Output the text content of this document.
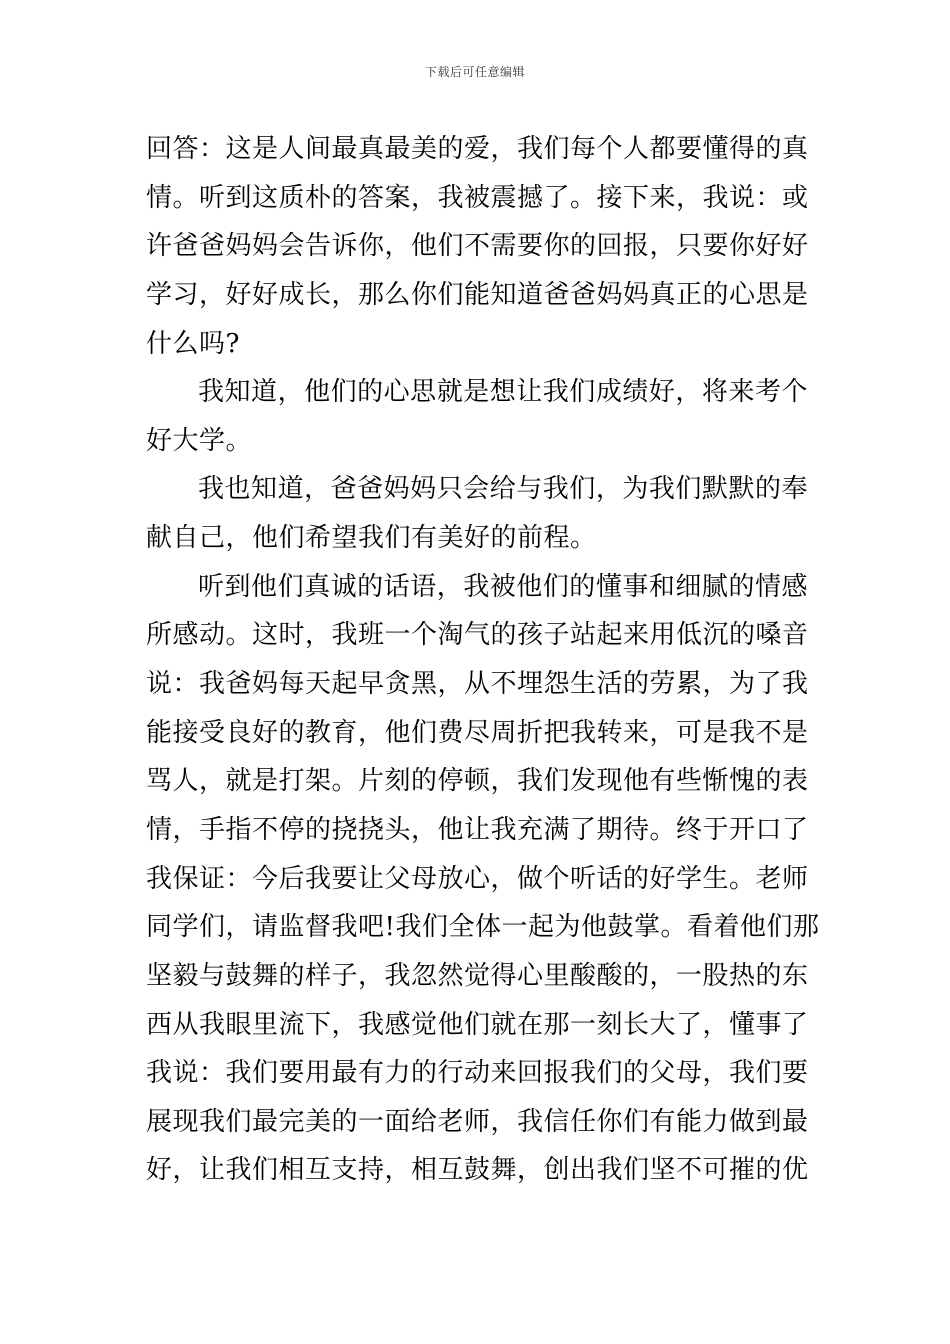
下载后可任意编辑
回答：这是人间最真最美的爱，我们每个人都要懂得的真
情。听到这质朴的答案，我被震撼了。接下来，我说：或
许爸爸妈妈会告诉你，他们不需要你的回报，只要你好好
学习，好好成长，那么你们能知道爸爸妈妈真正的心思是
什么吗?
我知道，他们的心思就是想让我们成绩好，将来考个
好大学。
我也知道，爸爸妈妈只会给与我们，为我们默默的奉
献自己，他们希望我们有美好的前程。
听到他们真诚的话语，我被他们的懂事和细腻的情感
所感动。这时，我班一个淘气的孩子站起来用低沉的嗓音
说：我爸妈每天起早贪黑，从不埋怨生活的劳累，为了我
能接受良好的教育，他们费尽周折把我转来，可是我不是
骂人，就是打架。片刻的停顿，我们发现他有些惭愧的表
情，手指不停的挠挠头，他让我充满了期待。终于开口了
我保证：今后我要让父母放心，做个听话的好学生。老师
同学们，请监督我吧!我们全体一起为他鼓掌。看着他们那
坚毅与鼓舞的样子，我忽然觉得心里酸酸的，一股热的东
西从我眼里流下，我感觉他们就在那一刻长大了，懂事了
我说：我们要用最有力的行动来回报我们的父母，我们要
展现我们最完美的一面给老师，我信任你们有能力做到最
好，让我们相互支持，相互鼓舞，创出我们坚不可摧的优
